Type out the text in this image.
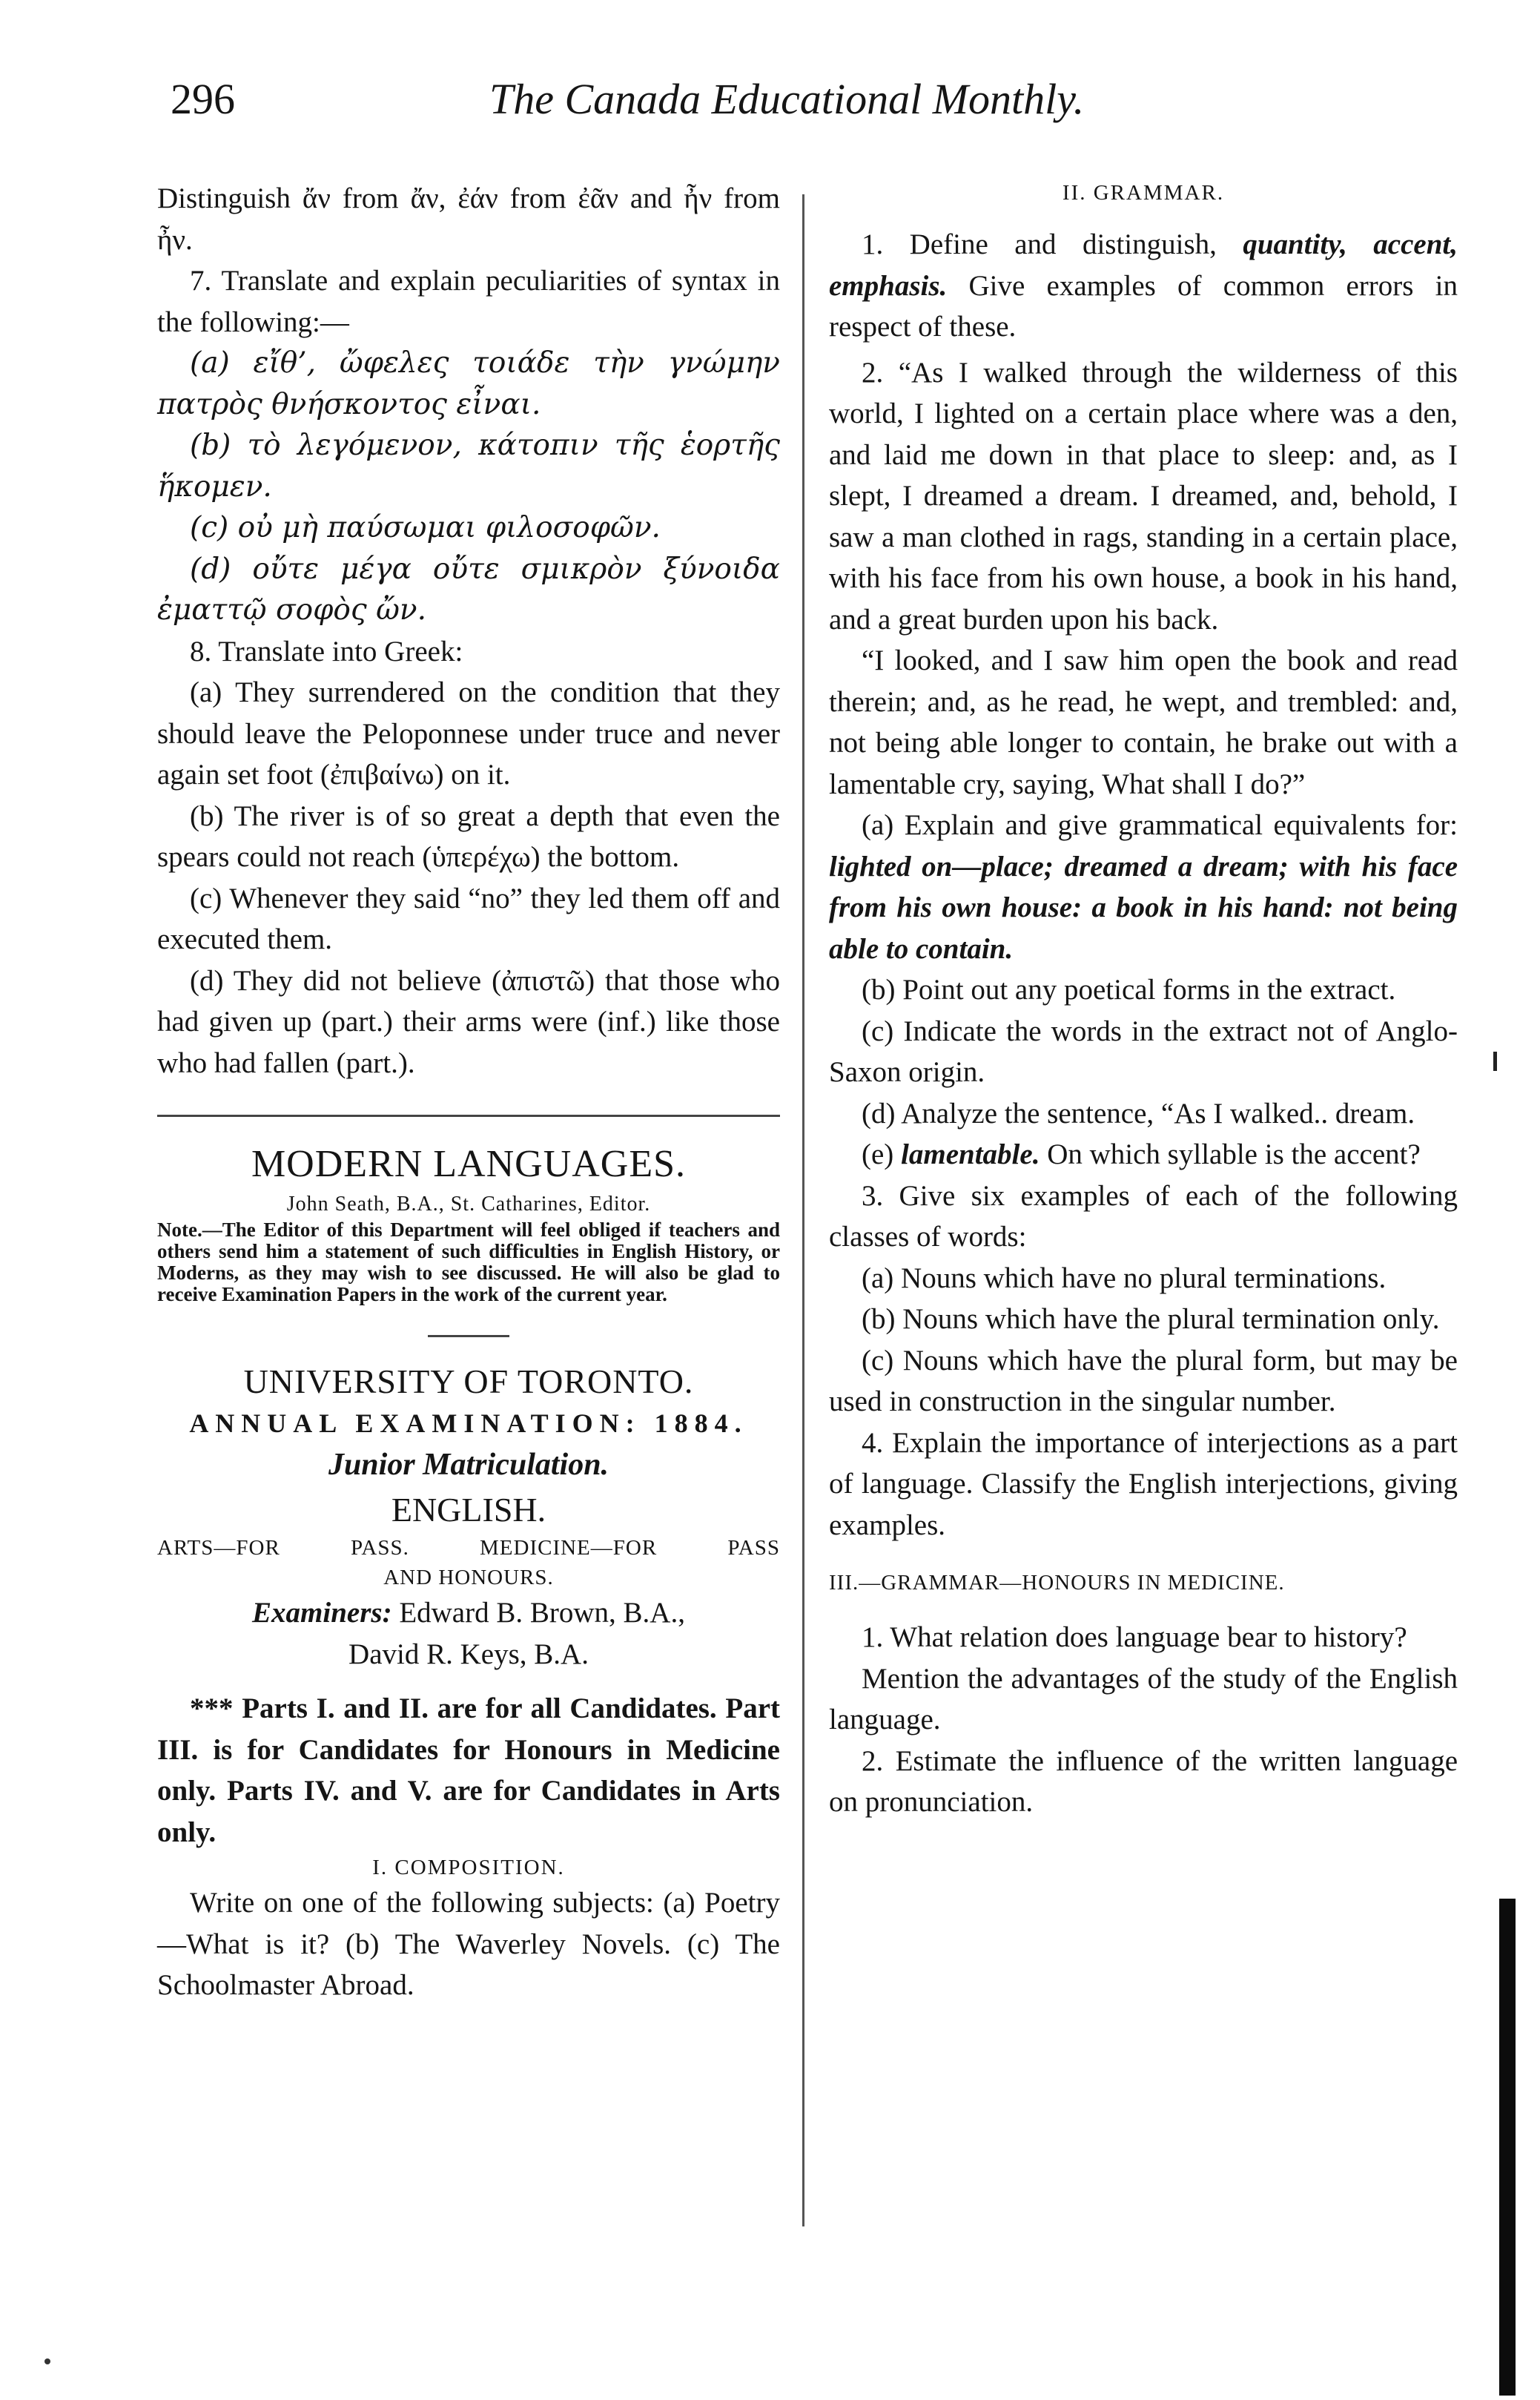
296	The Canada Educational Monthly.

Distinguish ἄν from ἄν, ἐάν from ἐᾶν and ἦν from ἦν.

7. Translate and explain peculiarities of syntax in the following:—

(a) εἴθ’, ὤφελες τοιάδε τὴν γνώμην πατρὸς θνήσκοντος εἶναι.

(b) τὸ λεγόμενον, κάτοπιν τῆς ἑορτῆς ἥκομεν.

(c) οὐ μὴ παύσωμαι φιλοσοφῶν.

(d) οὔτε μέγα οὔτε σμικρὸν ξύνοιδα ἐματτῷ σοφὸς ὤν.

8. Translate into Greek:

(a) They surrendered on the condition that they should leave the Peloponnese under truce and never again set foot (ἐπιβαίνω) on it.

(b) The river is of so great a depth that even the spears could not reach (ὑπερέχω) the bottom.

(c) Whenever they said “no” they led them off and executed them.

(d) They did not believe (ἀπιστῶ) that those who had given up (part.) their arms were (inf.) like those who had fallen (part.).

MODERN LANGUAGES.

John Seath, B.A., St. Catharines, Editor.

Note.—The Editor of this Department will feel obliged if teachers and others send him a statement of such difficulties in English History, or Moderns, as they may wish to see discussed. He will also be glad to receive Examination Papers in the work of the current year.

UNIVERSITY OF TORONTO.

ANNUAL EXAMINATION: 1884.

Junior Matriculation.

ENGLISH.

ARTS—FOR PASS. MEDICINE—FOR PASS

AND HONOURS.

Examiners: Edward B. Brown, B.A.,
David R. Keys, B.A.

*** Parts I. and II. are for all Candidates. Part III. is for Candidates for Honours in Medicine only. Parts IV. and V. are for Candidates in Arts only.

I. COMPOSITION.

Write on one of the following subjects: (a) Poetry—What is it? (b) The Waverley Novels. (c) The Schoolmaster Abroad.

II. GRAMMAR.

1. Define and distinguish, quantity, accent, emphasis. Give examples of common errors in respect of these.

2. “As I walked through the wilderness of this world, I lighted on a certain place where was a den, and laid me down in that place to sleep: and, as I slept, I dreamed a dream. I dreamed, and, behold, I saw a man clothed in rags, standing in a certain place, with his face from his own house, a book in his hand, and a great burden upon his back.

“I looked, and I saw him open the book and read therein; and, as he read, he wept, and trembled: and, not being able longer to contain, he brake out with a lamentable cry, saying, What shall I do?”

(a) Explain and give grammatical equivalents for: lighted on—place; dreamed a dream; with his face from his own house: a book in his hand: not being able to contain.

(b) Point out any poetical forms in the extract.

(c) Indicate the words in the extract not of Anglo-Saxon origin.

(d) Analyze the sentence, “As I walked.. dream.

(e) lamentable. On which syllable is the accent?

3. Give six examples of each of the following classes of words:

(a) Nouns which have no plural terminations.

(b) Nouns which have the plural termination only.

(c) Nouns which have the plural form, but may be used in construction in the singular number.

4. Explain the importance of interjections as a part of language. Classify the English interjections, giving examples.

III.—GRAMMAR—HONOURS IN MEDICINE.

1. What relation does language bear to history?

Mention the advantages of the study of the English language.

2. Estimate the influence of the written language on pronunciation.
